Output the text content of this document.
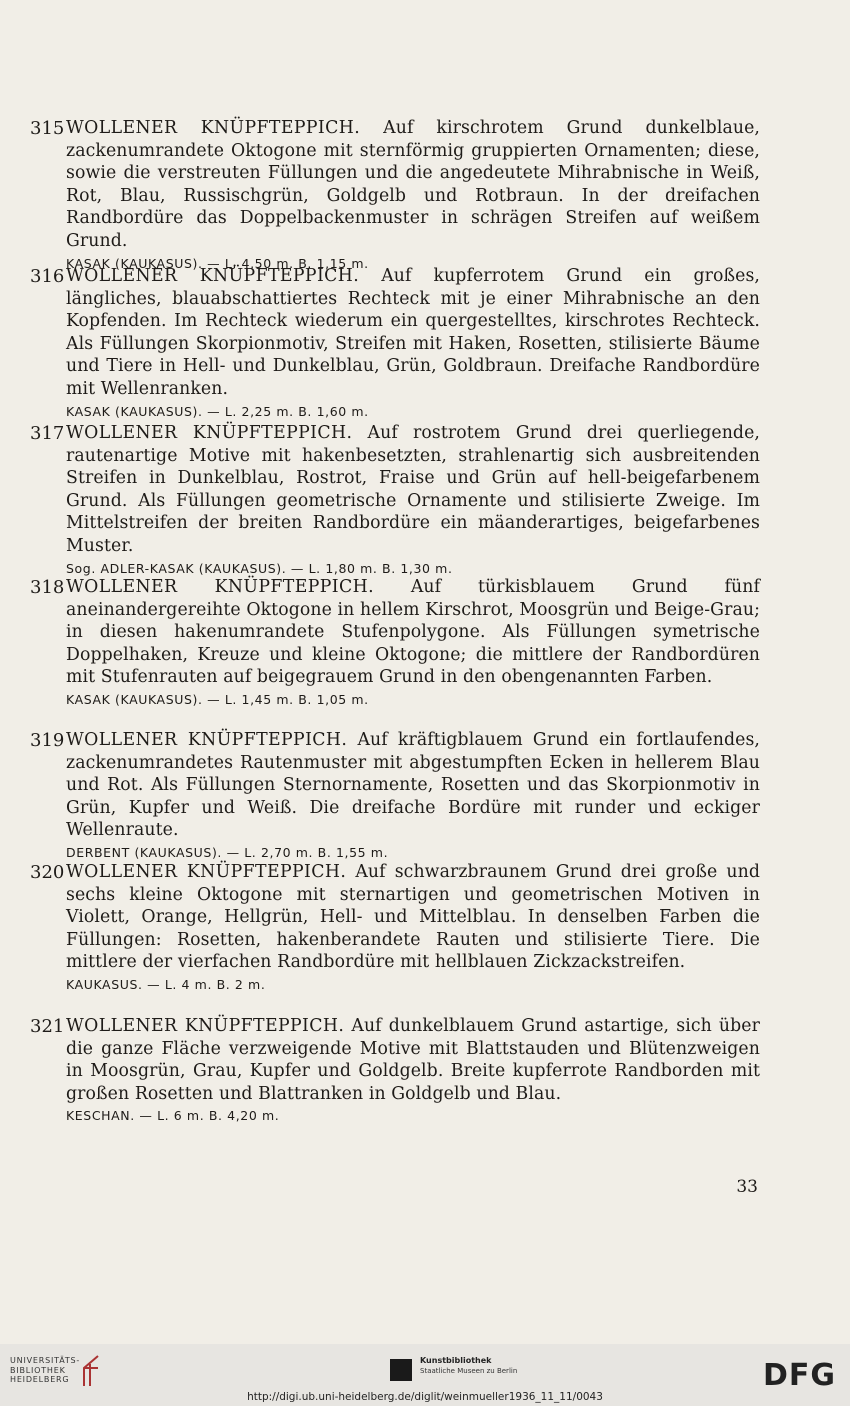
315 WOLLENER KNÜPFTEPPICH. Auf kirschrotem Grund dunkelblaue, zackenumrandete Oktogone mit sternförmig gruppierten Ornamenten; diese, sowie die verstreuten Füllungen und die angedeutete Mihrabnische in Weiß, Rot, Blau, Russischgrün, Goldgelb und Rotbraun. In der dreifachen Randbordüre das Doppelbackenmuster in schrägen Streifen auf weißem Grund.
KASAK (KAUKASUS). — L. 4,50 m. B. 1,15 m.
316 WOLLENER KNÜPFTEPPICH. Auf kupferrotem Grund ein großes, längliches, blauabschattiertes Rechteck mit je einer Mihrabnische an den Kopfenden. Im Rechteck wiederum ein quergestelltes, kirschrotes Rechteck. Als Füllungen Skorpionmotiv, Streifen mit Haken, Rosetten, stilisierte Bäume und Tiere in Hell- und Dunkelblau, Grün, Goldbraun. Dreifache Randbordüre mit Wellenranken.
KASAK (KAUKASUS). — L. 2,25 m. B. 1,60 m.
317 WOLLENER KNÜPFTEPPICH. Auf rostrotem Grund drei querliegende, rautenartige Motive mit hakenbesetzten, strahlenartig sich ausbreitenden Streifen in Dunkelblau, Rostrot, Fraise und Grün auf hell-beigefarbenem Grund. Als Füllungen geometrische Ornamente und stilisierte Zweige. Im Mittelstreifen der breiten Randbordüre ein mäanderartiges, beigefarbenes Muster.
Sog. ADLER-KASAK (KAUKASUS). — L. 1,80 m. B. 1,30 m.
318 WOLLENER KNÜPFTEPPICH. Auf türkisblauem Grund fünf aneinandergereihte Oktogone in hellem Kirschrot, Moosgrün und Beige-Grau; in diesen hakenumrandete Stufenpolygone. Als Füllungen symetrische Doppelhaken, Kreuze und kleine Oktogone; die mittlere der Randbordüren mit Stufenrauten auf beigegrauem Grund in den obengenannten Farben.
KASAK (KAUKASUS). — L. 1,45 m. B. 1,05 m.
319 WOLLENER KNÜPFTEPPICH. Auf kräftigblauem Grund ein fortlaufendes, zackenumrandetes Rautenmuster mit abgestumpften Ecken in hellerem Blau und Rot. Als Füllungen Sternornamente, Rosetten und das Skorpionmotiv in Grün, Kupfer und Weiß. Die dreifache Bordüre mit runder und eckiger Wellenraute.
DERBENT (KAUKASUS). — L. 2,70 m. B. 1,55 m.
320 WOLLENER KNÜPFTEPPICH. Auf schwarzbraunem Grund drei große und sechs kleine Oktogone mit sternartigen und geometrischen Motiven in Violett, Orange, Hellgrün, Hell- und Mittelblau. In denselben Farben die Füllungen: Rosetten, hakenberandete Rauten und stilisierte Tiere. Die mittlere der vierfachen Randbordüre mit hellblauen Zickzackstreifen.
KAUKASUS. — L. 4 m. B. 2 m.
321 WOLLENER KNÜPFTEPPICH. Auf dunkelblauem Grund astartige, sich über die ganze Fläche verzweigende Motive mit Blattstauden und Blütenzweigen in Moosgrün, Grau, Kupfer und Goldgelb. Breite kupferrote Randborden mit großen Rosetten und Blattranken in Goldgelb und Blau.
KESCHAN. — L. 6 m. B. 4,20 m.
33
UNIVERSITÄTS-
BIBLIOTHEK
HEIDELBERG
Kunstbibliothek
Staatliche Museen zu Berlin	DFG
http://digi.ub.uni-heidelberg.de/diglit/weinmueller1936_11_11/0043
